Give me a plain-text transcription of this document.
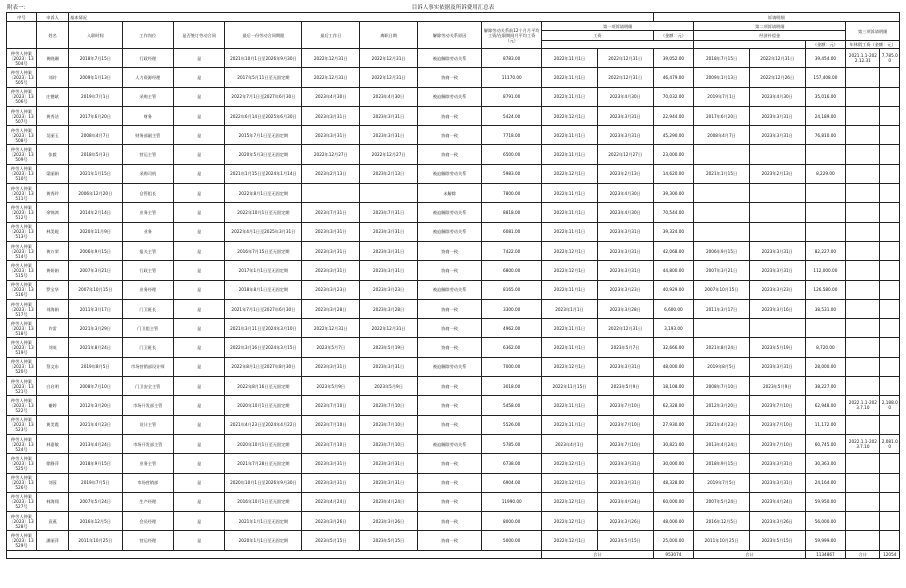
附表一：	目诉人事实依据及所诉费用汇总表
序号	申诉人	基本情况										诉请明细					
	姓名	入职时间	工作岗位	是否签订劳动合同	最后一份劳动合同期限	最后工作日	离职日期	解除劳动关系原因	解除劳动关系前12个月月平均工资/在职期间月平均工资（元）	第一项诉请明细			第二项诉请明细			第三项诉请明细	
										工资		（金额：元）	经济补偿金				
															（金额：元）	年休假工资（金额：元）	
仲劳人仲案〔2023〕13504号	黄晓珊	2018年7月15日	行政经理	是	2021年10月1日至2026年9月30日	2022年12月31日	2022年12月31日	被迫解除劳动关系	8783.00	2022年11月1日	2022年12月31日	39,052.00	2018年7月15日	2022年12月31日	39,454.00	2021.1.1-2022.12.31	7,785.00
仲劳人仲案〔2023〕13505号	刘玲	2009年1月13日	人力资源经理	是	2017年5月11日至无固定期	2022年12月31日	2022年12月31日	协商一致	11170.00	2022年11月1日	2022年12月31日	46,479.00	2009年1月13日	2022年12月26日	157,408.00		
仲劳人仲案〔2023〕13506号	庄德斌	2019年7月1日	采购主管	是	2022年7月1日至2027年6月30日	2023年4月30日	2023年4月30日	被迫解除劳动关系	8791.00	2022年11月1日	2023年4月30日	70,032.00	2019年7月1日	2023年4月30日	35,016.00		
仲劳人仲案〔2023〕13507号	黄秀洁	2017年6月20日	财务	是	2022年6月14日至2025年6月30日	2023年3月31日	2023年3月31日	协商一致	5424.00	2022年12月1日	2023年3月31日	22,944.00	2017年6月20日	2023年3月31日	24,189.00		
仲劳人仲案〔2023〕13508号	吴丽玉	2008年4月7日	财务部副主管	是	2015年7月1日至无固定期	2023年3月31日	2023年3月31日	协商一致	7718.00	2022年11月1日	2023年3月31日	45,290.00	2008年4月7日	2023年3月31日	76,810.00		
仲劳人仲案〔2023〕13509号	张毅	2018年5月3日	营运主管	是	2020年5月3日至无固定期	2022年12月27日	2022年12月27日	协商一致	6500.00	2022年11月1日	2022年12月27日	23,000.00					
仲劳人仲案〔2023〕13510号	梁丽娟	2021年1月15日	采购司机	是	2021年1月15日至2024年1月14日	2023年2月13日	2023年2月13日	被迫解除劳动关系	5983.00	2022年12月1日	2023年2月13日	14,620.00	2021年1月15日	2023年2月13日	8,229.00		
仲劳人仲案〔2023〕13511号	黄秀玲	2006年12月20日	仓管组长	是	2022年8月1日至无固定期			未解除	7800.00	2022年11月1日	2023年4月30日	39,300.00					
仲劳人仲案〔2023〕13512号	余锦鸿	2014年2月14日	业务主管	是	2022年10月1日至无固定期	2023年7月31日	2023年7月31日	被迫解除劳动关系	8818.00	2022年11月1日	2023年4月30日	70,544.00					
仲劳人仲案〔2023〕13513号	林美妮	2020年11月9日	业务	是	2022年4月1日至2025年3月31日	2023年3月31日	2023年3月31日	被迫解除劳动关系	6081.00	2022年11月1日	2023年3月31日	39,324.00					
仲劳人仲案〔2023〕13514号	黄万荣	2006年9月15日	报关主管	是	2016年7月15日至无固定期	2023年3月31日	2023年3月31日	协商一致	7422.00	2022年12月1日	2023年3月31日	42,068.00	2006年9月15日	2023年3月31日	82,227.00		
仲劳人仲案〔2023〕13515号	黄妍娟	2007年3月21日	行政主管	是	2017年1月1日至无固定期	2023年3月31日	2023年3月31日	协商一致	6800.00	2022年12月1日	2023年3月31日	44,800.00	2007年3月21日	2023年3月31日	112,000.00		
仲劳人仲案〔2023〕13516号	罗宝华	2007年10月15日	业务经理	是	2018年8月1日至无固定期	2023年3月23日	2023年3月23日	被迫解除劳动关系	8165.00	2022年11月1日	2023年3月23日	40,929.00	2007年10月15日	2023年3月23日	126,580.00		
仲劳人仲案〔2023〕13517号	刘海娟	2011年3月17日	门卫班长	是	2021年7月1日至2027年6月30日	2023年3月28日	2023年3月28日	协商一致	3300.00	2023年1月1日	2023年3月28日	6,600.00	2011年3月17日	2023年3月16日	38,531.00		
仲劳人仲案〔2023〕13518号	许雷	2021年3月29日	门卫组主管	是	2021年3月11日至2024年3月10日	2022年12月31日	2022年12月31日	协商一致	4962.00	2022年11月1日	2022年12月31日	3,193.00					
仲劳人仲案〔2023〕13519号	刘英	2021年8月24日	门卫班长	是	2022年3月16日至2024年3月15日	2023年5月7日	2023年5月19日	协商一致	6362.00	2022年11月1日	2023年5月7日	32,666.00	2021年8月24日	2023年5月19日	8,720.00		
仲劳人仲案〔2023〕13520号	蔡文东	2019年8月5日	市场营销部设计师	是	2022年8月1日至2027年8月30日	2023年3月31日	2023年3月31日	被迫解除劳动关系	7000.00	2022年12月1日	2023年3月31日	48,000.00	2019年8月5日	2023年3月31日	28,000.00		
仲劳人仲案〔2023〕13521号	白启明	2008年7月10日	门卫安全主管	是	2022年8月16日至无固定期	2023年5月9日	2023年5月9日	协商一致	3018.00	2022年11月15日	2023年5月9日	18,108.00	2008年7月10日	2023年5月9日	38,227.00		
仲劳人仲案〔2023〕13522号	谢婷	2012年3月20日	市场开发部主管	是	2020年10月1日至无固定期	2023年7月10日	2023年7月10日	协商一致	5458.00	2022年11月1日	2023年7月10日	62,328.00	2012年3月20日	2023年7月10日	62,948.00	2022.1.1-2023.7.10	2,188.00
仲劳人仲案〔2023〕13523号	黄美霞	2021年4月23日	设计主管	是	2021年4月23日至2024年4月22日	2023年7月10日	2023年7月10日	协商一致	5526.00	2022年11月1日	2023年7月10日	27,930.00	2021年4月23日	2023年7月10日	11,172.00		
仲劳人仲案〔2023〕13524号	林嘉敏	2013年4月24日	市场开发部主管	是	2020年10月1日至无固定期	2023年7月10日	2023年7月10日	被迫解除劳动关系	5785.00	2023年4月1日	2023年7月10日	30,821.00	2013年4月24日	2023年7月10日	60,745.00	2022.1.1-2023.7.10	2,081.00
仲劳人仲案〔2023〕13525号	徐静萍	2018年9月15日	业务主管	是	2021年7月28日至无固定期	2023年3月31日	2023年3月31日	协商一致	6738.00	2022年12月1日	2023年3月31日	30,000.00	2018年9月15日	2023年3月31日	30,363.00		
仲劳人仲案〔2023〕13526号	刘蓉	2019年7月5日	市场营销部	是	2020年10月1日至2026年9月30日	2023年3月31日	2023年3月31日	协商一致	6904.00	2022年12月1日	2023年3月31日	48,328.00	2019年7月5日	2023年3月31日	24,164.00		
仲劳人仲案〔2023〕13527号	林海翔	2007年5月24日	生产经理	是	2016年10月1日至无固定期	2023年4月24日	2023年4月24日	协商一致	11990.00	2022年12月1日	2023年4月24日	60,000.00	2007年5月24日	2023年4月24日	59,950.00		
仲劳人仲案〔2023〕13528号	袁燕	2016年12月5日	会员经理	是	2021年1月1日至无固定期	2023年3月26日	2023年3月26日	协商一致	8000.00	2022年12月1日	2023年3月26日	48,000.00	2016年12月5日	2023年3月26日	56,000.00		
仲劳人仲案〔2023〕13529号	潘丽萍	2011年10月25日	营运经理	是	2020年1月1日至无固定期	2023年5月15日	2023年5月15日	协商一致	5000.00	2022年12月1日	2023年5月15日	25,000.00	2011年10月25日	2023年5月15日	59,999.00		
										合计		953074	合计		1134867	合计	12054
